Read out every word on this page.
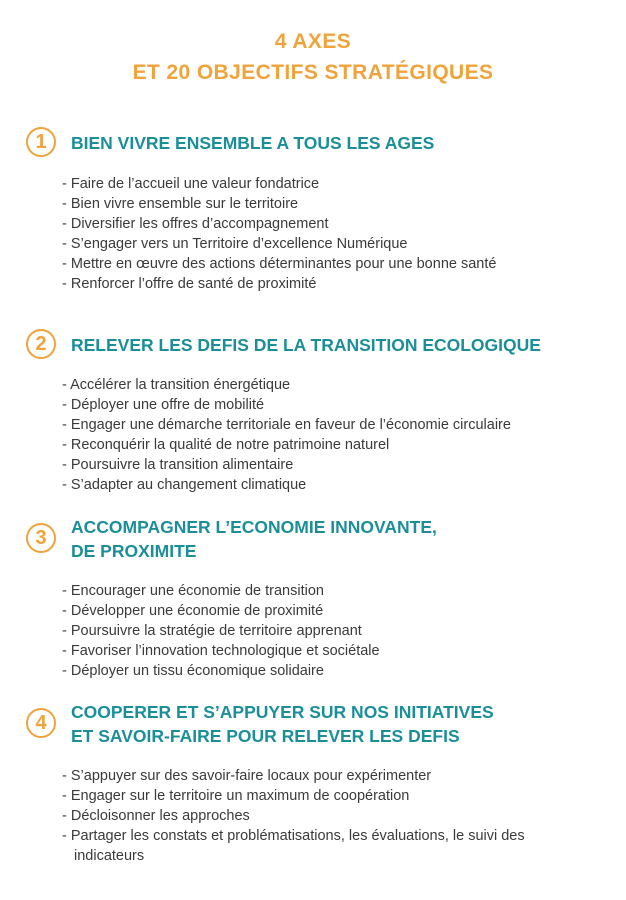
4 AXES
ET 20 OBJECTIFS STRATÉGIQUES
1	BIEN VIVRE ENSEMBLE A TOUS LES AGES
- Faire de l’accueil une valeur fondatrice
- Bien vivre ensemble sur le territoire
- Diversifier les offres d’accompagnement
- S’engager vers un Territoire d’excellence Numérique
- Mettre en œuvre des actions déterminantes pour une bonne santé
- Renforcer l’offre de santé de proximité
2	RELEVER LES DEFIS DE LA TRANSITION ECOLOGIQUE
- Accélérer la transition énergétique
- Déployer une offre de mobilité
- Engager une démarche territoriale en faveur de l’économie circulaire
- Reconquérir la qualité de notre patrimoine naturel
- Poursuivre la transition alimentaire
- S’adapter au changement climatique
3	ACCOMPAGNER L’ECONOMIE INNOVANTE,
DE PROXIMITE
- Encourager une économie de transition
- Développer une économie de proximité
- Poursuivre la stratégie de territoire apprenant
- Favoriser l’innovation technologique et sociétale
- Déployer un tissu économique solidaire
4	COOPERER ET S’APPUYER SUR NOS INITIATIVES
ET SAVOIR-FAIRE POUR RELEVER LES DEFIS
- S’appuyer sur des savoir-faire locaux pour expérimenter
- Engager sur le territoire un maximum de coopération
- Décloisonner les approches
- Partager les constats et problématisations, les évaluations, le suivi des indicateurs
